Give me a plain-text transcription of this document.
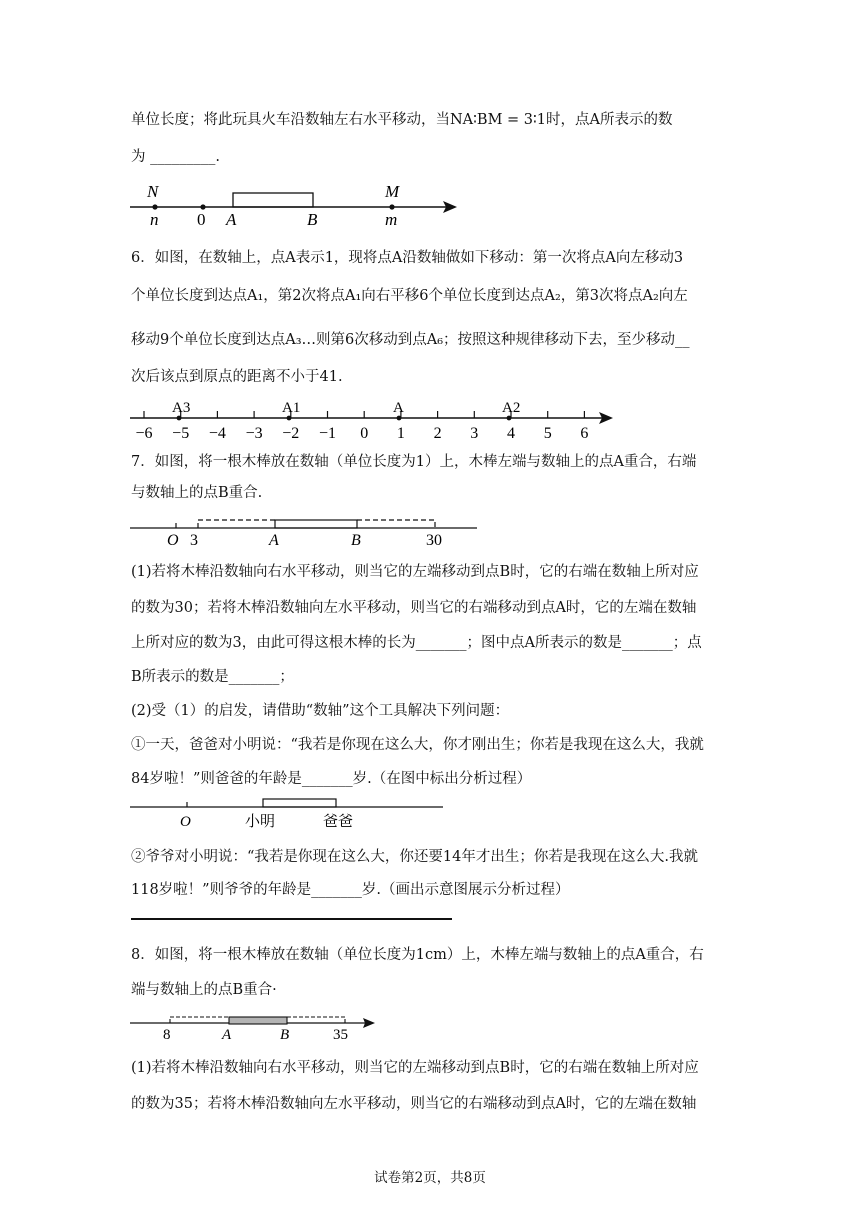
单位长度；将此玩具火车沿数轴左右水平移动，当NA∶BM = 3∶1时，点A所表示的数
为 _________.
N	M
n 0 A	B	m
6．如图，在数轴上，点A表示1，现将点A沿数轴做如下移动：第一次将点A向左移动3
个单位长度到达点A₁，第2次将点A₁向右平移6个单位长度到达点A₂，第3次将点A₂向左
移动9个单位长度到达点A₃…则第6次移动到点A₆；按照这种规律移动下去，至少移动__
次后该点到原点的距离不小于41.
−6 −5 −4 −3 −2 −1 0 1 2 3 4 5 6
A3	A1	A	A2
7．如图，将一根木棒放在数轴（单位长度为1）上，木棒左端与数轴上的点A重合，右端
与数轴上的点B重合.
O 3	A	B	30
(1)若将木棒沿数轴向右水平移动，则当它的左端移动到点B时，它的右端在数轴上所对应
的数为30；若将木棒沿数轴向左水平移动，则当它的右端移动到点A时，它的左端在数轴
上所对应的数为3，由此可得这根木棒的长为_______；图中点A所表示的数是_______；点
B所表示的数是_______；
(2)受（1）的启发，请借助“数轴”这个工具解决下列问题：
①一天，爸爸对小明说：“我若是你现在这么大，你才刚出生；你若是我现在这么大，我就
84岁啦！”则爸爸的年龄是_______岁.（在图中标出分析过程）
O	小明	爸爸
②爷爷对小明说：“我若是你现在这么大，你还要14年才出生；你若是我现在这么大.我就
118岁啦！”则爷爷的年龄是_______岁.（画出示意图展示分析过程）
8．如图，将一根木棒放在数轴（单位长度为1cm）上，木棒左端与数轴上的点A重合，右
端与数轴上的点B重合·
8	A	B	35
(1)若将木棒沿数轴向右水平移动，则当它的左端移动到点B时，它的右端在数轴上所对应
的数为35；若将木棒沿数轴向左水平移动，则当它的右端移动到点A时，它的左端在数轴
试卷第2页，共8页
